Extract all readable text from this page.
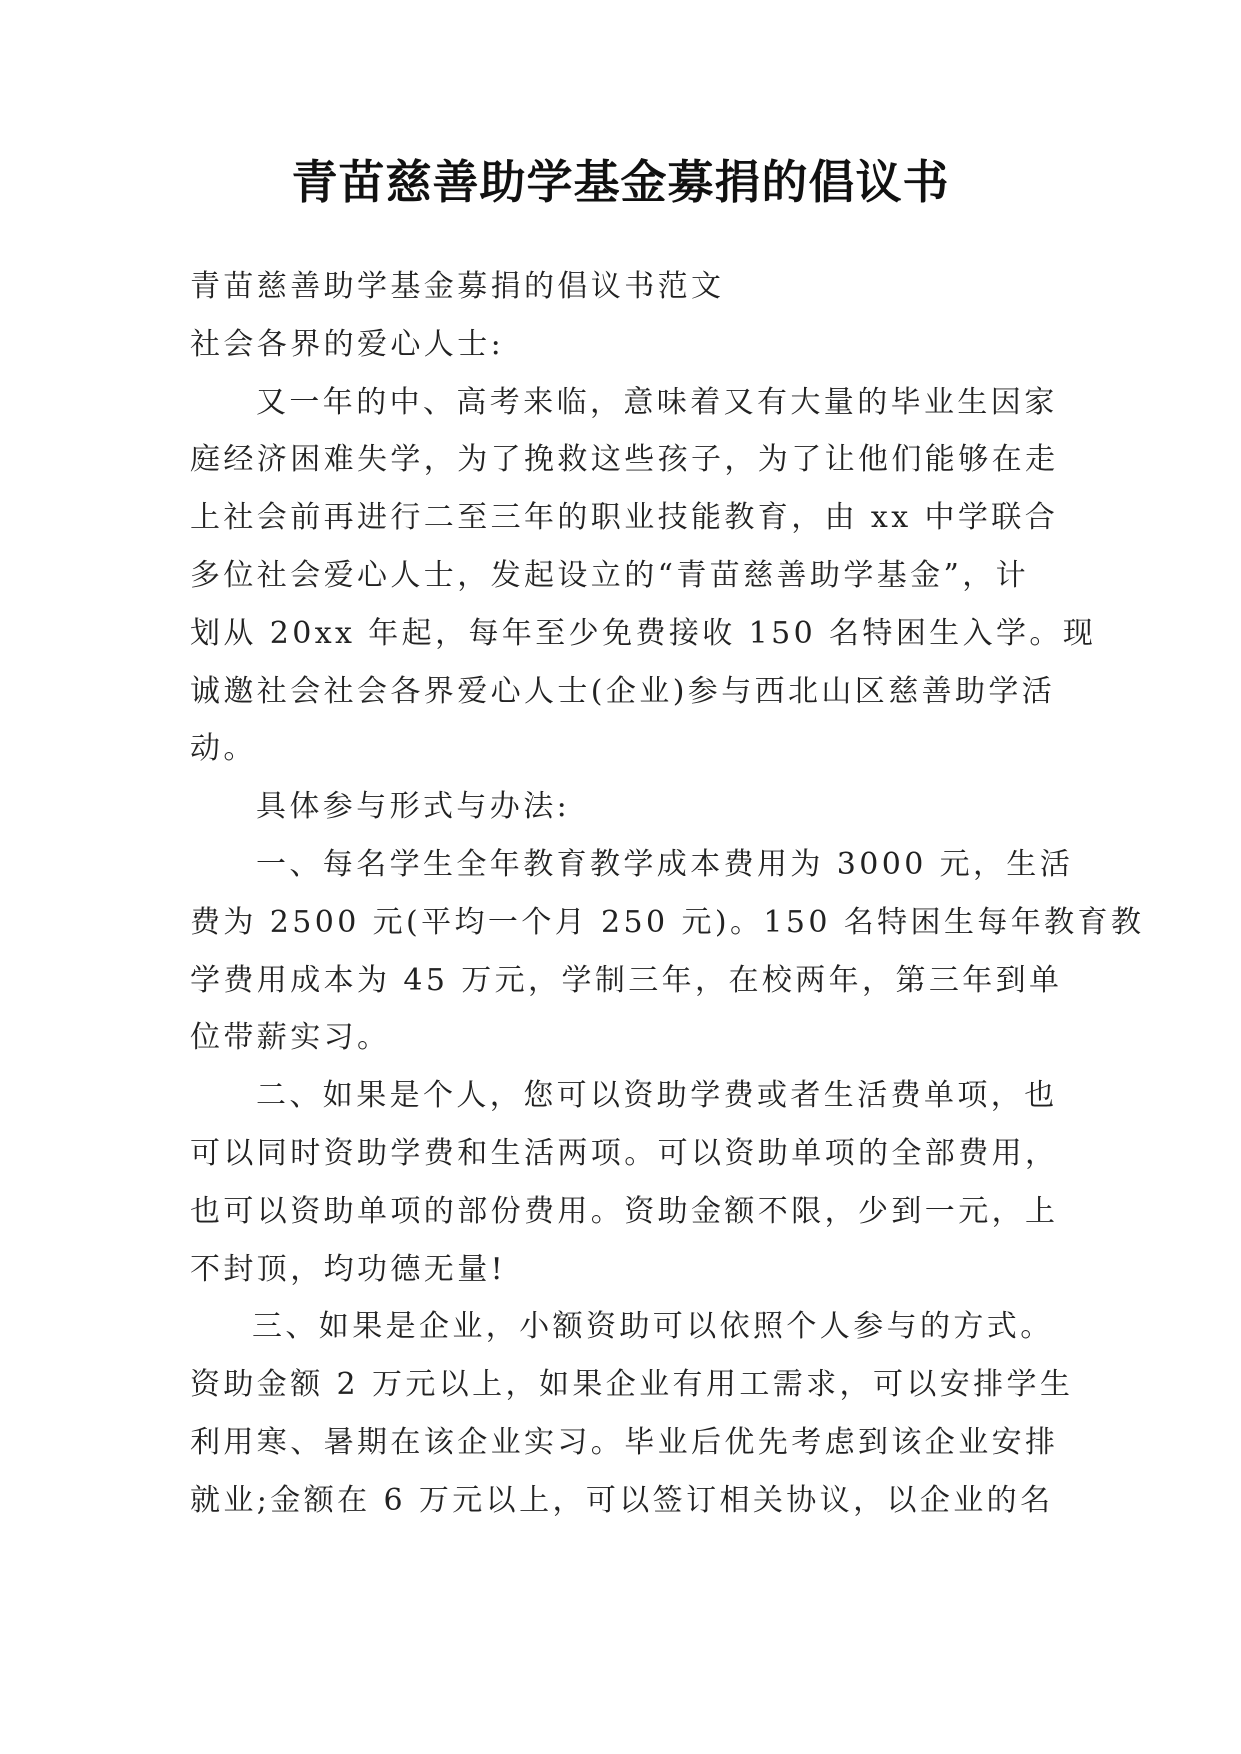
青苗慈善助学基金募捐的倡议书
青苗慈善助学基金募捐的倡议书范文
社会各界的爱心人士:
又一年的中、高考来临，意味着又有大量的毕业生因家
庭经济困难失学，为了挽救这些孩子，为了让他们能够在走
上社会前再进行二至三年的职业技能教育，由 xx 中学联合
多位社会爱心人士，发起设立的“青苗慈善助学基金”，计
划从 20xx 年起，每年至少免费接收 150 名特困生入学。现
诚邀社会社会各界爱心人士(企业)参与西北山区慈善助学活
动。
具体参与形式与办法:
一、每名学生全年教育教学成本费用为 3000 元，生活
费为 2500 元(平均一个月 250 元)。150 名特困生每年教育教
学费用成本为 45 万元，学制三年，在校两年，第三年到单
位带薪实习。
二、如果是个人，您可以资助学费或者生活费单项，也
可以同时资助学费和生活两项。可以资助单项的全部费用，
也可以资助单项的部份费用。资助金额不限，少到一元，上
不封顶，均功德无量!
三、如果是企业，小额资助可以依照个人参与的方式。
资助金额 2 万元以上，如果企业有用工需求，可以安排学生
利用寒、暑期在该企业实习。毕业后优先考虑到该企业安排
就业;金额在 6 万元以上，可以签订相关协议，以企业的名
